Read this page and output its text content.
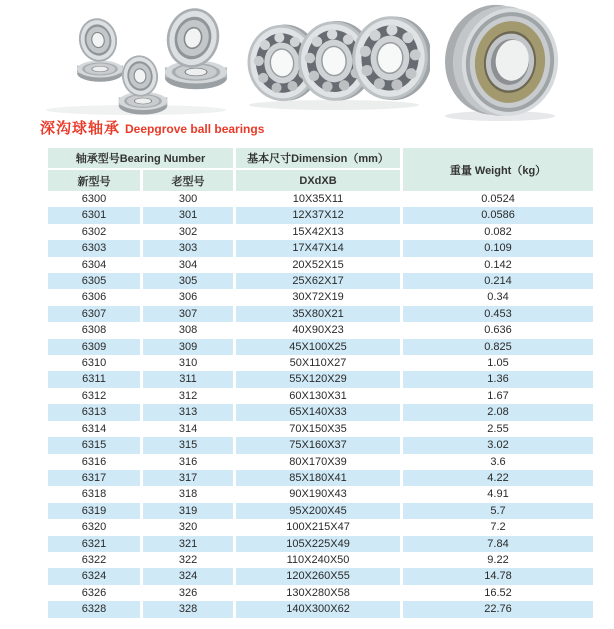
深沟球轴承 Deepgrove ball bearings
轴承型号Bearing Number		基本尺寸Dimension（mm）	重量 Weight（kg）
新型号	老型号	DXdXB	
6300	300	10X35X11	0.0524
6301	301	12X37X12	0.0586
6302	302	15X42X13	0.082
6303	303	17X47X14	0.109
6304	304	20X52X15	0.142
6305	305	25X62X17	0.214
6306	306	30X72X19	0.34
6307	307	35X80X21	0.453
6308	308	40X90X23	0.636
6309	309	45X100X25	0.825
6310	310	50X110X27	1.05
6311	311	55X120X29	1.36
6312	312	60X130X31	1.67
6313	313	65X140X33	2.08
6314	314	70X150X35	2.55
6315	315	75X160X37	3.02
6316	316	80X170X39	3.6
6317	317	85X180X41	4.22
6318	318	90X190X43	4.91
6319	319	95X200X45	5.7
6320	320	100X215X47	7.2
6321	321	105X225X49	7.84
6322	322	110X240X50	9.22
6324	324	120X260X55	14.78
6326	326	130X280X58	16.52
6328	328	140X300X62	22.76
